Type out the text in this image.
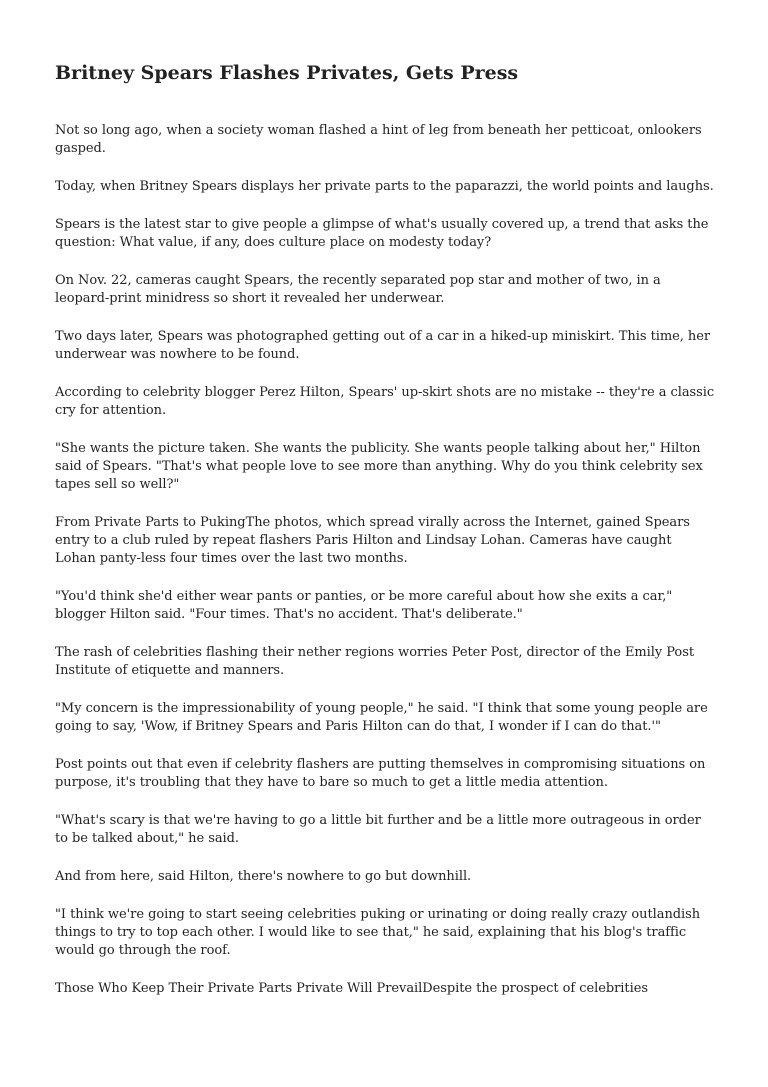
Britney Spears Flashes Privates, Gets Press

Not so long ago, when a society woman flashed a hint of leg from beneath her petticoat, onlookers gasped.

Today, when Britney Spears displays her private parts to the paparazzi, the world points and laughs.

Spears is the latest star to give people a glimpse of what's usually covered up, a trend that asks the question: What value, if any, does culture place on modesty today?

On Nov. 22, cameras caught Spears, the recently separated pop star and mother of two, in a leopard-print minidress so short it revealed her underwear.

Two days later, Spears was photographed getting out of a car in a hiked-up miniskirt. This time, her underwear was nowhere to be found.

According to celebrity blogger Perez Hilton, Spears' up-skirt shots are no mistake -- they're a classic cry for attention.

"She wants the picture taken. She wants the publicity. She wants people talking about her," Hilton said of Spears. "That's what people love to see more than anything. Why do you think celebrity sex tapes sell so well?"

From Private Parts to PukingThe photos, which spread virally across the Internet, gained Spears entry to a club ruled by repeat flashers Paris Hilton and Lindsay Lohan. Cameras have caught Lohan panty-less four times over the last two months.

"You'd think she'd either wear pants or panties, or be more careful about how she exits a car," blogger Hilton said. "Four times. That's no accident. That's deliberate."

The rash of celebrities flashing their nether regions worries Peter Post, director of the Emily Post Institute of etiquette and manners.

"My concern is the impressionability of young people," he said. "I think that some young people are going to say, 'Wow, if Britney Spears and Paris Hilton can do that, I wonder if I can do that.'"

Post points out that even if celebrity flashers are putting themselves in compromising situations on purpose, it's troubling that they have to bare so much to get a little media attention.

"What's scary is that we're having to go a little bit further and be a little more outrageous in order to be talked about," he said.

And from here, said Hilton, there's nowhere to go but downhill.

"I think we're going to start seeing celebrities puking or urinating or doing really crazy outlandish things to try to top each other. I would like to see that," he said, explaining that his blog's traffic would go through the roof.

Those Who Keep Their Private Parts Private Will PrevailDespite the prospect of celebrities
